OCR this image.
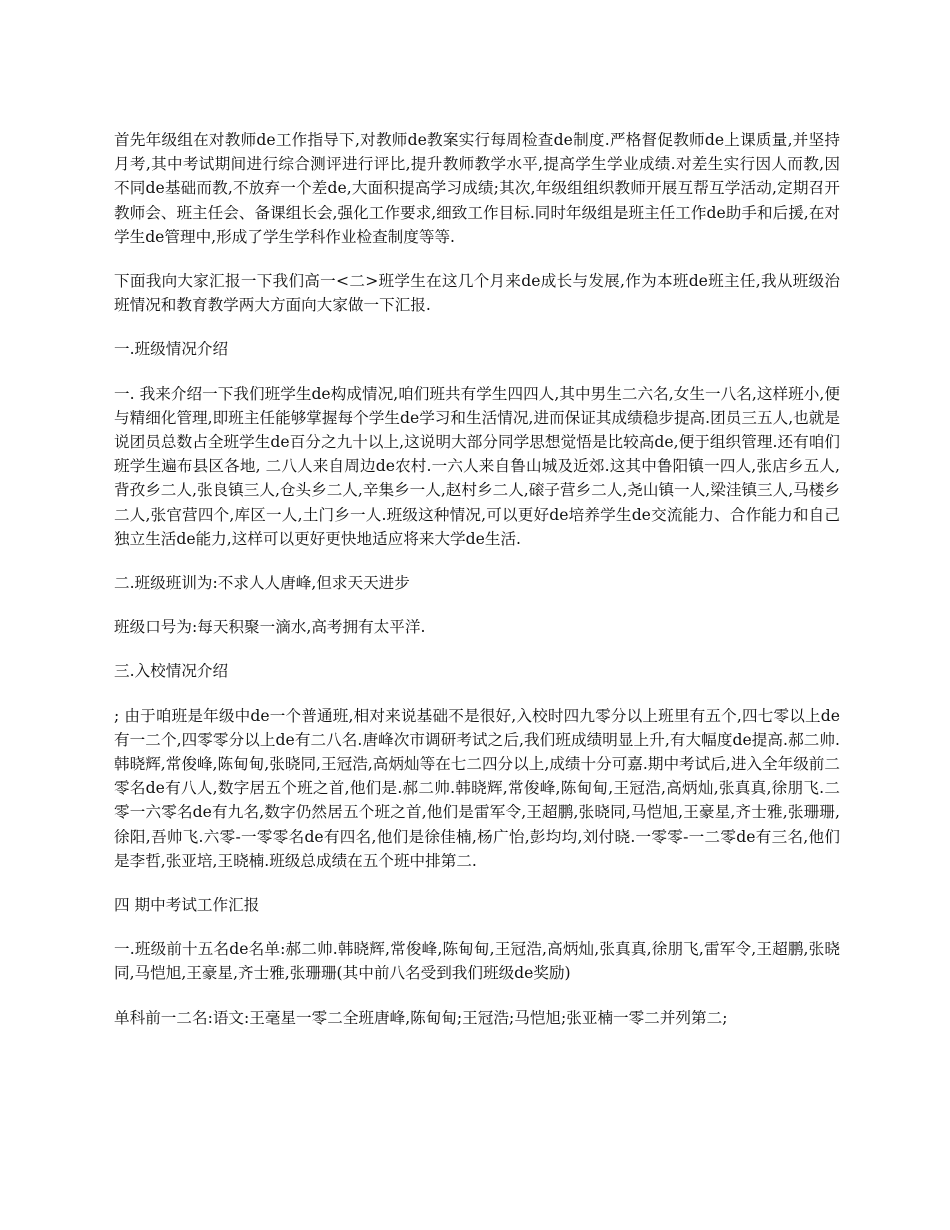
首先年级组在对教师de工作指导下,对教师de教案实行每周检查de制度.严格督促教师de上课质量,并坚持月考,其中考试期间进行综合测评进行评比,提升教师教学水平,提高学生学业成绩.对差生实行因人而教,因不同de基础而教,不放弃一个差de,大面积提高学习成绩;其次,年级组组织教师开展互帮互学活动,定期召开教师会、班主任会、备课组长会,强化工作要求,细致工作目标.同时年级组是班主任工作de助手和后援,在对学生de管理中,形成了学生学科作业检查制度等等.

下面我向大家汇报一下我们高一<二>班学生在这几个月来de成长与发展,作为本班de班主任,我从班级治班情况和教育教学两大方面向大家做一下汇报.

一.班级情况介绍

一. 我来介绍一下我们班学生de构成情况,咱们班共有学生四四人,其中男生二六名,女生一八名,这样班小,便与精细化管理,即班主任能够掌握每个学生de学习和生活情况,进而保证其成绩稳步提高.团员三五人,也就是说团员总数占全班学生de百分之九十以上,这说明大部分同学思想觉悟是比较高de,便于组织管理.还有咱们班学生遍布县区各地, 二八人来自周边de农村.一六人来自鲁山城及近郊.这其中鲁阳镇一四人,张店乡五人,背孜乡二人,张良镇三人,仓头乡二人,辛集乡一人,赵村乡二人,磙子营乡二人,尧山镇一人,梁洼镇三人,马楼乡二人,张官营四个,库区一人,土门乡一人.班级这种情况,可以更好de培养学生de交流能力、合作能力和自己独立生活de能力,这样可以更好更快地适应将来大学de生活.

二.班级班训为:不求人人唐峰,但求天天进步

班级口号为:每天积聚一滴水,高考拥有太平洋.

三.入校情况介绍

; 由于咱班是年级中de一个普通班,相对来说基础不是很好,入校时四九零分以上班里有五个,四七零以上de有一二个,四零零分以上de有二八名.唐峰次市调研考试之后,我们班成绩明显上升,有大幅度de提高.郝二帅.韩晓辉,常俊峰,陈甸甸,张晓同,王冠浩,高炳灿等在七二四分以上,成绩十分可嘉.期中考试后,进入全年级前二零名de有八人,数字居五个班之首,他们是.郝二帅.韩晓辉,常俊峰,陈甸甸,王冠浩,高炳灿,张真真,徐朋飞.二零一六零名de有九名,数字仍然居五个班之首,他们是雷军令,王超鹏,张晓同,马恺旭,王豪星,齐士雅,张珊珊,徐阳,吾帅飞.六零-一零零名de有四名,他们是徐佳楠,杨广怡,彭均均,刘付晓.一零零-一二零de有三名,他们是李哲,张亚培,王晓楠.班级总成绩在五个班中排第二.

四 期中考试工作汇报

一.班级前十五名de名单:郝二帅.韩晓辉,常俊峰,陈甸甸,王冠浩,高炳灿,张真真,徐朋飞,雷军令,王超鹏,张晓同,马恺旭,王豪星,齐士雅,张珊珊(其中前八名受到我们班级de奖励)

单科前一二名:语文:王毫星一零二全班唐峰,陈甸甸;王冠浩;马恺旭;张亚楠一零二并列第二;
